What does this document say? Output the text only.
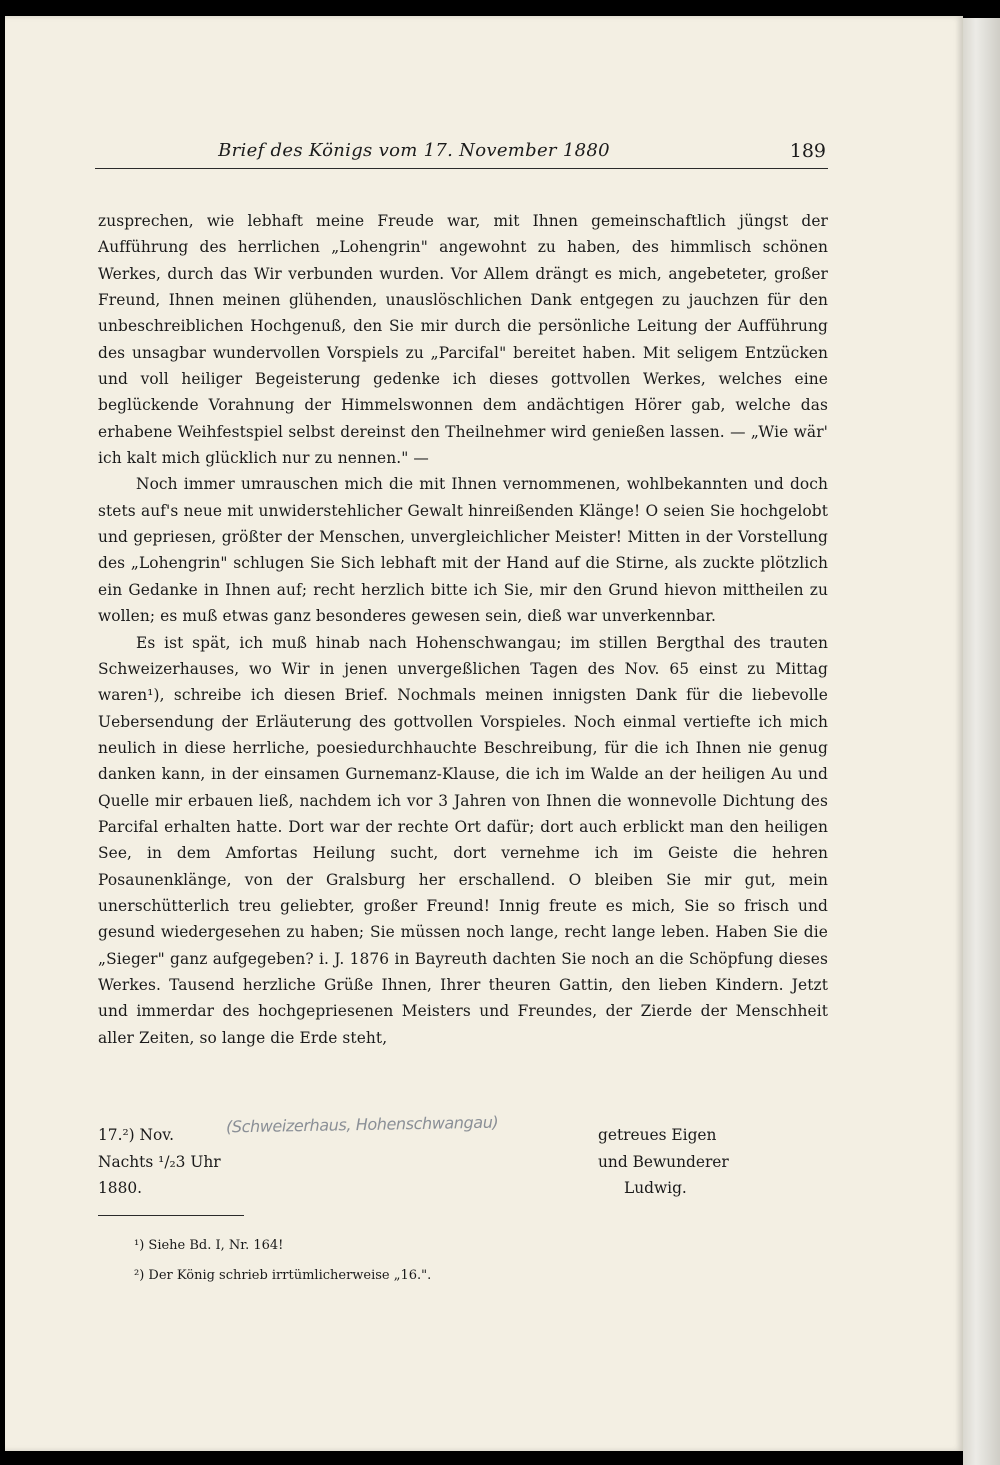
Brief des Königs vom 17. November 1880	189

zusprechen, wie lebhaft meine Freude war, mit Ihnen gemeinschaftlich jüngst der Aufführung des herrlichen „Lohengrin" angewohnt zu haben, des himmlisch schönen Werkes, durch das Wir verbunden wurden. Vor Allem drängt es mich, angebeteter, großer Freund, Ihnen meinen glühenden, unauslöschlichen Dank entgegen zu jauchzen für den unbeschreiblichen Hochgenuß, den Sie mir durch die persönliche Leitung der Aufführung des unsagbar wundervollen Vorspiels zu „Parcifal" bereitet haben. Mit seligem Entzücken und voll heiliger Begeisterung gedenke ich dieses gottvollen Werkes, welches eine beglückende Vorahnung der Himmelswonnen dem andächtigen Hörer gab, welche das erhabene Weihfestspiel selbst dereinst den Theilnehmer wird genießen lassen. — „Wie wär' ich kalt mich glücklich nur zu nennen." —

Noch immer umrauschen mich die mit Ihnen vernommenen, wohlbekannten und doch stets auf's neue mit unwiderstehlicher Gewalt hinreißenden Klänge! O seien Sie hochgelobt und gepriesen, größter der Menschen, unvergleichlicher Meister! Mitten in der Vorstellung des „Lohengrin" schlugen Sie Sich lebhaft mit der Hand auf die Stirne, als zuckte plötzlich ein Gedanke in Ihnen auf; recht herzlich bitte ich Sie, mir den Grund hievon mittheilen zu wollen; es muß etwas ganz besonderes gewesen sein, dieß war unverkennbar.

Es ist spät, ich muß hinab nach Hohenschwangau; im stillen Bergthal des trauten Schweizerhauses, wo Wir in jenen unvergeßlichen Tagen des Nov. 65 einst zu Mittag waren¹), schreibe ich diesen Brief. Nochmals meinen innigsten Dank für die liebevolle Uebersendung der Erläuterung des gottvollen Vorspieles. Noch einmal vertiefte ich mich neulich in diese herrliche, poesiedurchhauchte Beschreibung, für die ich Ihnen nie genug danken kann, in der einsamen Gurnemanz-Klause, die ich im Walde an der heiligen Au und Quelle mir erbauen ließ, nachdem ich vor 3 Jahren von Ihnen die wonnevolle Dichtung des Parcifal erhalten hatte. Dort war der rechte Ort dafür; dort auch erblickt man den heiligen See, in dem Amfortas Heilung sucht, dort vernehme ich im Geiste die hehren Posaunenklänge, von der Gralsburg her erschallend. O bleiben Sie mir gut, mein unerschütterlich treu geliebter, großer Freund! Innig freute es mich, Sie so frisch und gesund wiedergesehen zu haben; Sie müssen noch lange, recht lange leben. Haben Sie die „Sieger" ganz aufgegeben? i. J. 1876 in Bayreuth dachten Sie noch an die Schöpfung dieses Werkes. Tausend herzliche Grüße Ihnen, Ihrer theuren Gattin, den lieben Kindern. Jetzt und immerdar des hochgepriesenen Meisters und Freundes, der Zierde der Menschheit aller Zeiten, so lange die Erde steht,

17.²) Nov.
Nachts ¹/₂3 Uhr
1880.
(Schweizerhaus, Hohenschwangau)	getreues Eigen
und Bewunderer
Ludwig.
¹) Siehe Bd. I, Nr. 164!
²) Der König schrieb irrtümlicherweise „16.".
